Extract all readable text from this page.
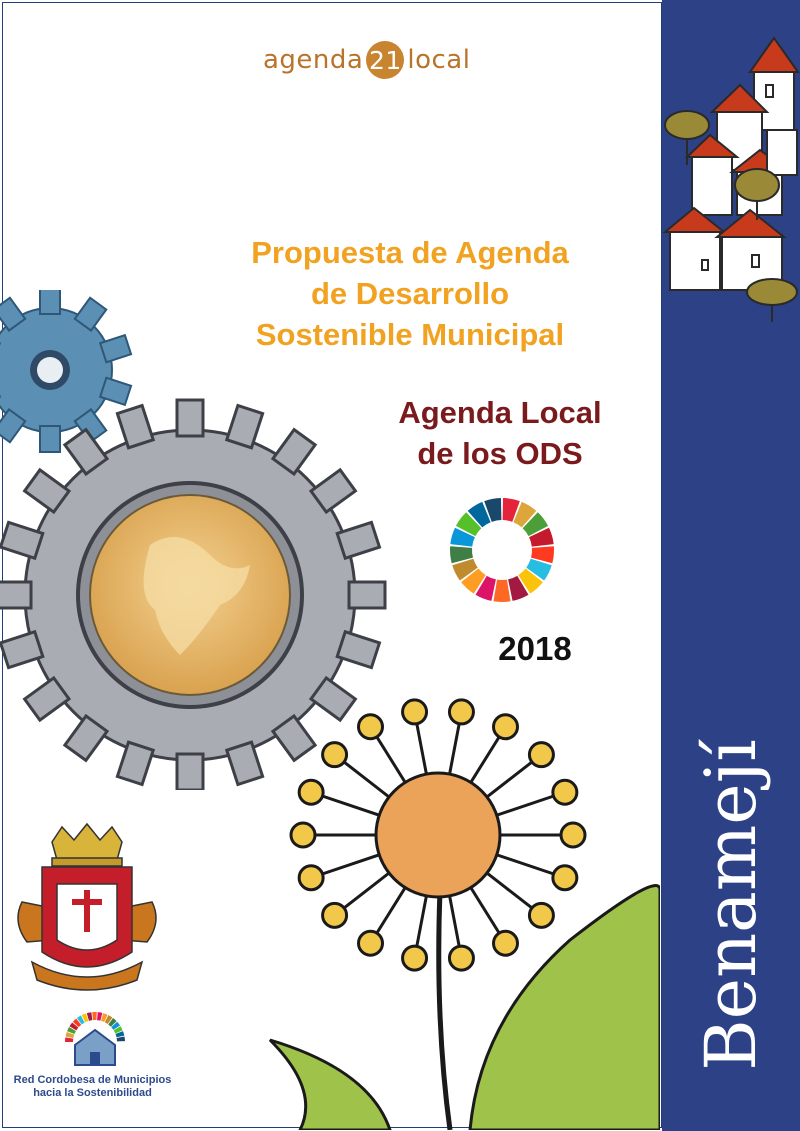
agenda 21 local
Propuesta de Agenda
de Desarrollo
Sostenible Municipal
Agenda Local
de los ODS
2018
Red Cordobesa de Municipios
hacia la Sostenibilidad
Benamejí
